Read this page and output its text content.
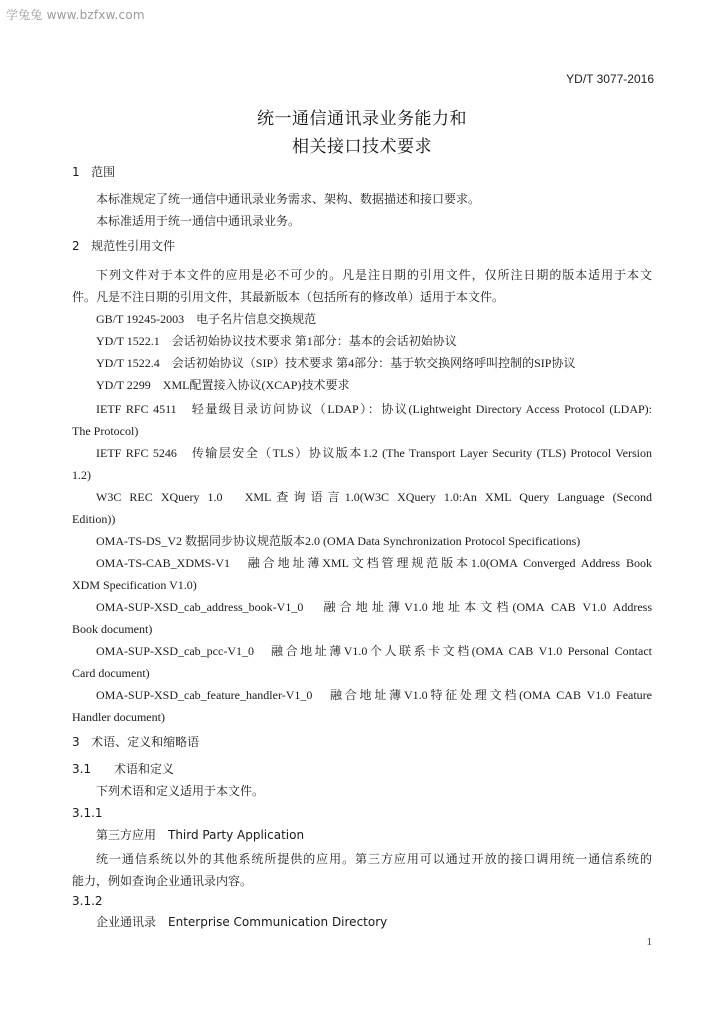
学兔兔 www.bzfxw.com
YD/T 3077-2016
统一通信通讯录业务能力和
相关接口技术要求
1 范围
本标准规定了统一通信中通讯录业务需求、架构、数据描述和接口要求。
本标准适用于统一通信中通讯录业务。
2 规范性引用文件
下列文件对于本文件的应用是必不可少的。凡是注日期的引用文件，仅所注日期的版本适用于本文
件。凡是不注日期的引用文件，其最新版本（包括所有的修改单）适用于本文件。
GB/T 19245-2003　电子名片信息交换规范
YD/T 1522.1　会话初始协议技术要求 第1部分：基本的会话初始协议
YD/T 1522.4　会话初始协议（SIP）技术要求 第4部分：基于软交换网络呼叫控制的SIP协议
YD/T 2299　XML配置接入协议(XCAP)技术要求
IETF RFC 4511　轻量级目录访问协议（LDAP）：协议(Lightweight Directory Access Protocol (LDAP):
The Protocol)
IETF RFC 5246　传输层安全（TLS）协议版本1.2 (The Transport Layer Security (TLS) Protocol Version
1.2)
W3C REC XQuery 1.0　XML查询语言1.0(W3C XQuery 1.0:An XML Query Language (Second
Edition))
OMA-TS-DS_V2 数据同步协议规范版本2.0 (OMA Data Synchronization Protocol Specifications)
OMA-TS-CAB_XDMS-V1　融合地址薄XML文档管理规范版本1.0(OMA Converged Address Book
XDM Specification V1.0)
OMA-SUP-XSD_cab_address_book-V1_0　融合地址薄V1.0地址本文档(OMA CAB V1.0 Address
Book document)
OMA-SUP-XSD_cab_pcc-V1_0　融合地址薄V1.0个人联系卡文档(OMA CAB V1.0 Personal Contact
Card document)
OMA-SUP-XSD_cab_feature_handler-V1_0　融合地址薄V1.0特征处理文档(OMA CAB V1.0 Feature
Handler document)
3 术语、定义和缩略语
3.1 术语和定义
下列术语和定义适用于本文件。
3.1.1
第三方应用　Third Party Application
统一通信系统以外的其他系统所提供的应用。第三方应用可以通过开放的接口调用统一通信系统的
能力，例如查询企业通讯录内容。
3.1.2
企业通讯录　Enterprise Communication Directory
1
